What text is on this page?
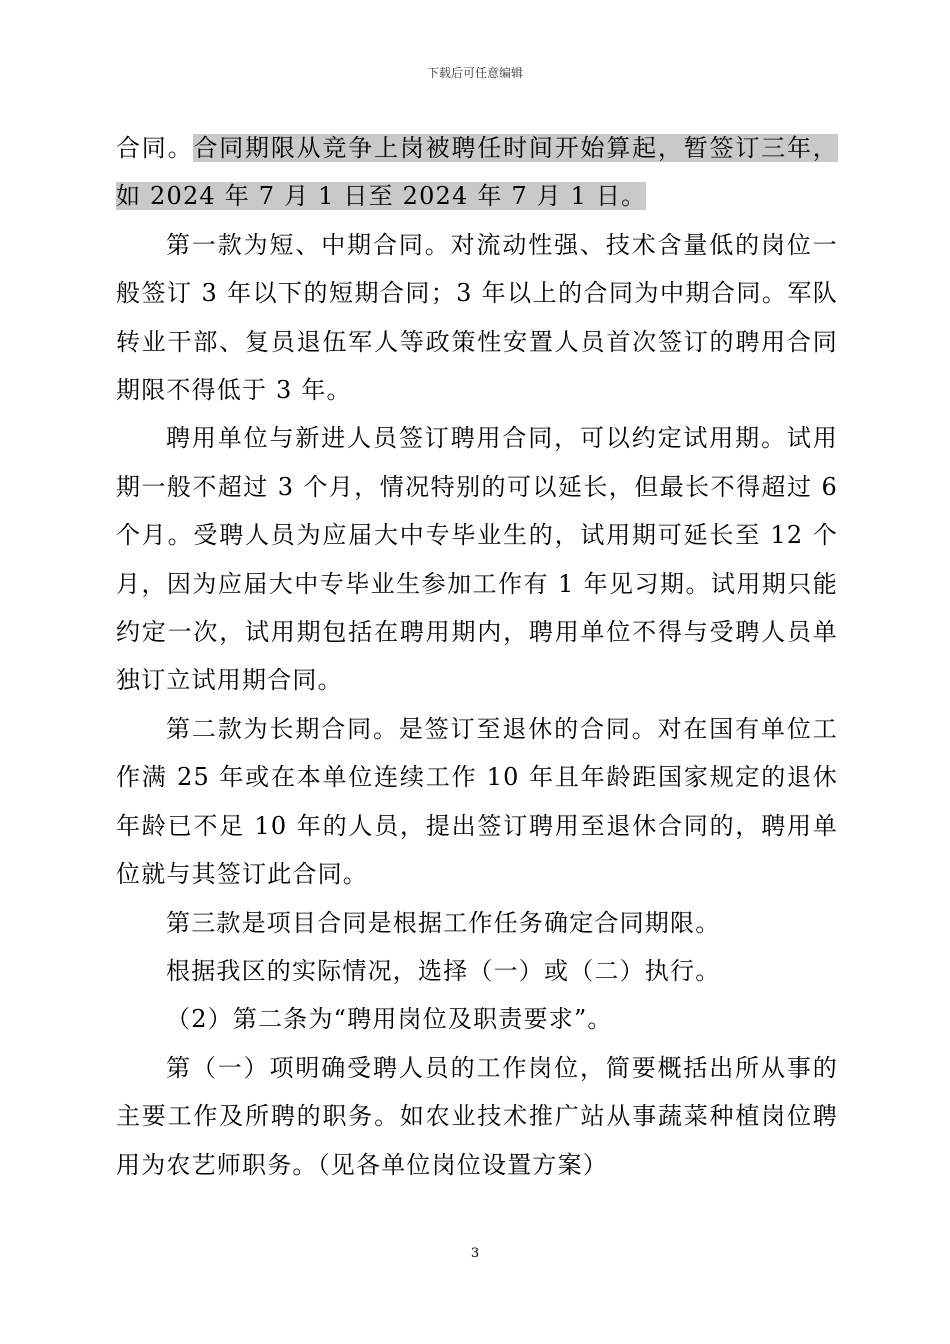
下载后可任意编辑

合同。合同期限从竞争上岗被聘任时间开始算起，暂签订三年，如 2024 年 7 月 1 日至 2024 年 7 月 1 日。

第一款为短、中期合同。对流动性强、技术含量低的岗位一般签订 3 年以下的短期合同；3 年以上的合同为中期合同。军队转业干部、复员退伍军人等政策性安置人员首次签订的聘用合同期限不得低于 3 年。

聘用单位与新进人员签订聘用合同，可以约定试用期。试用期一般不超过 3 个月，情况特别的可以延长，但最长不得超过 6 个月。受聘人员为应届大中专毕业生的，试用期可延长至 12 个月，因为应届大中专毕业生参加工作有 1 年见习期。试用期只能约定一次，试用期包括在聘用期内，聘用单位不得与受聘人员单独订立试用期合同。

第二款为长期合同。是签订至退休的合同。对在国有单位工作满 25 年或在本单位连续工作 10 年且年龄距国家规定的退休年龄已不足 10 年的人员，提出签订聘用至退休合同的，聘用单位就与其签订此合同。

第三款是项目合同是根据工作任务确定合同期限。

根据我区的实际情况，选择（一）或（二）执行。

（2）第二条为“聘用岗位及职责要求”。

第（一）项明确受聘人员的工作岗位，简要概括出所从事的主要工作及所聘的职务。如农业技术推广站从事蔬菜种植岗位聘用为农艺师职务。（见各单位岗位设置方案）

3
